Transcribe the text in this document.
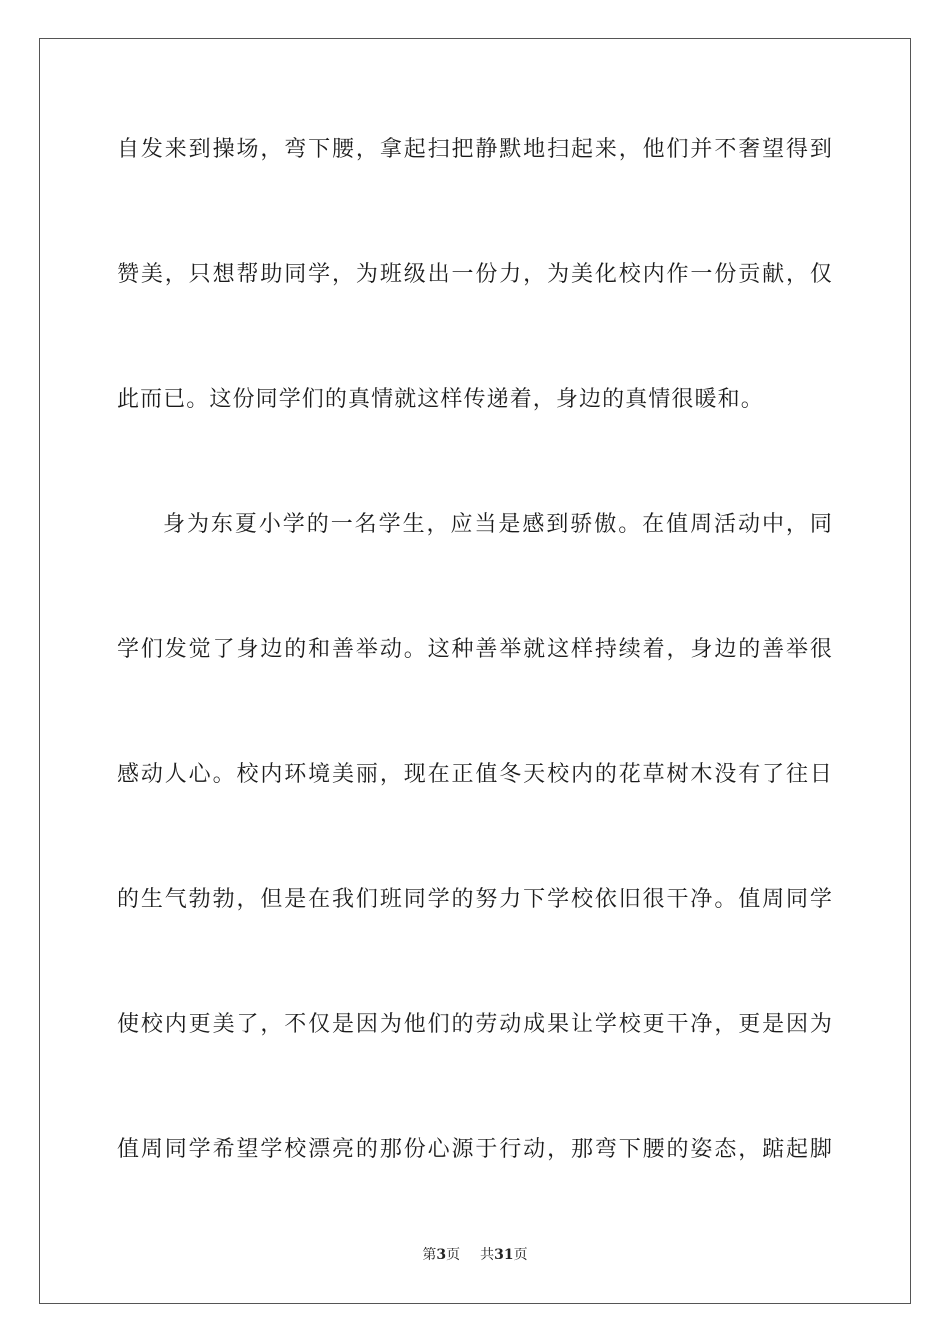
自发来到操场，弯下腰，拿起扫把静默地扫起来，他们并不奢望得到
赞美，只想帮助同学，为班级出一份力，为美化校内作一份贡献，仅
此而已。这份同学们的真情就这样传递着，身边的真情很暖和。
身为东夏小学的一名学生，应当是感到骄傲。在值周活动中，同
学们发觉了身边的和善举动。这种善举就这样持续着，身边的善举很
感动人心。校内环境美丽，现在正值冬天校内的花草树木没有了往日
的生气勃勃，但是在我们班同学的努力下学校依旧很干净。值周同学
使校内更美了，不仅是因为他们的劳动成果让学校更干净，更是因为
值周同学希望学校漂亮的那份心源于行动，那弯下腰的姿态，踮起脚
第3页 共31页
